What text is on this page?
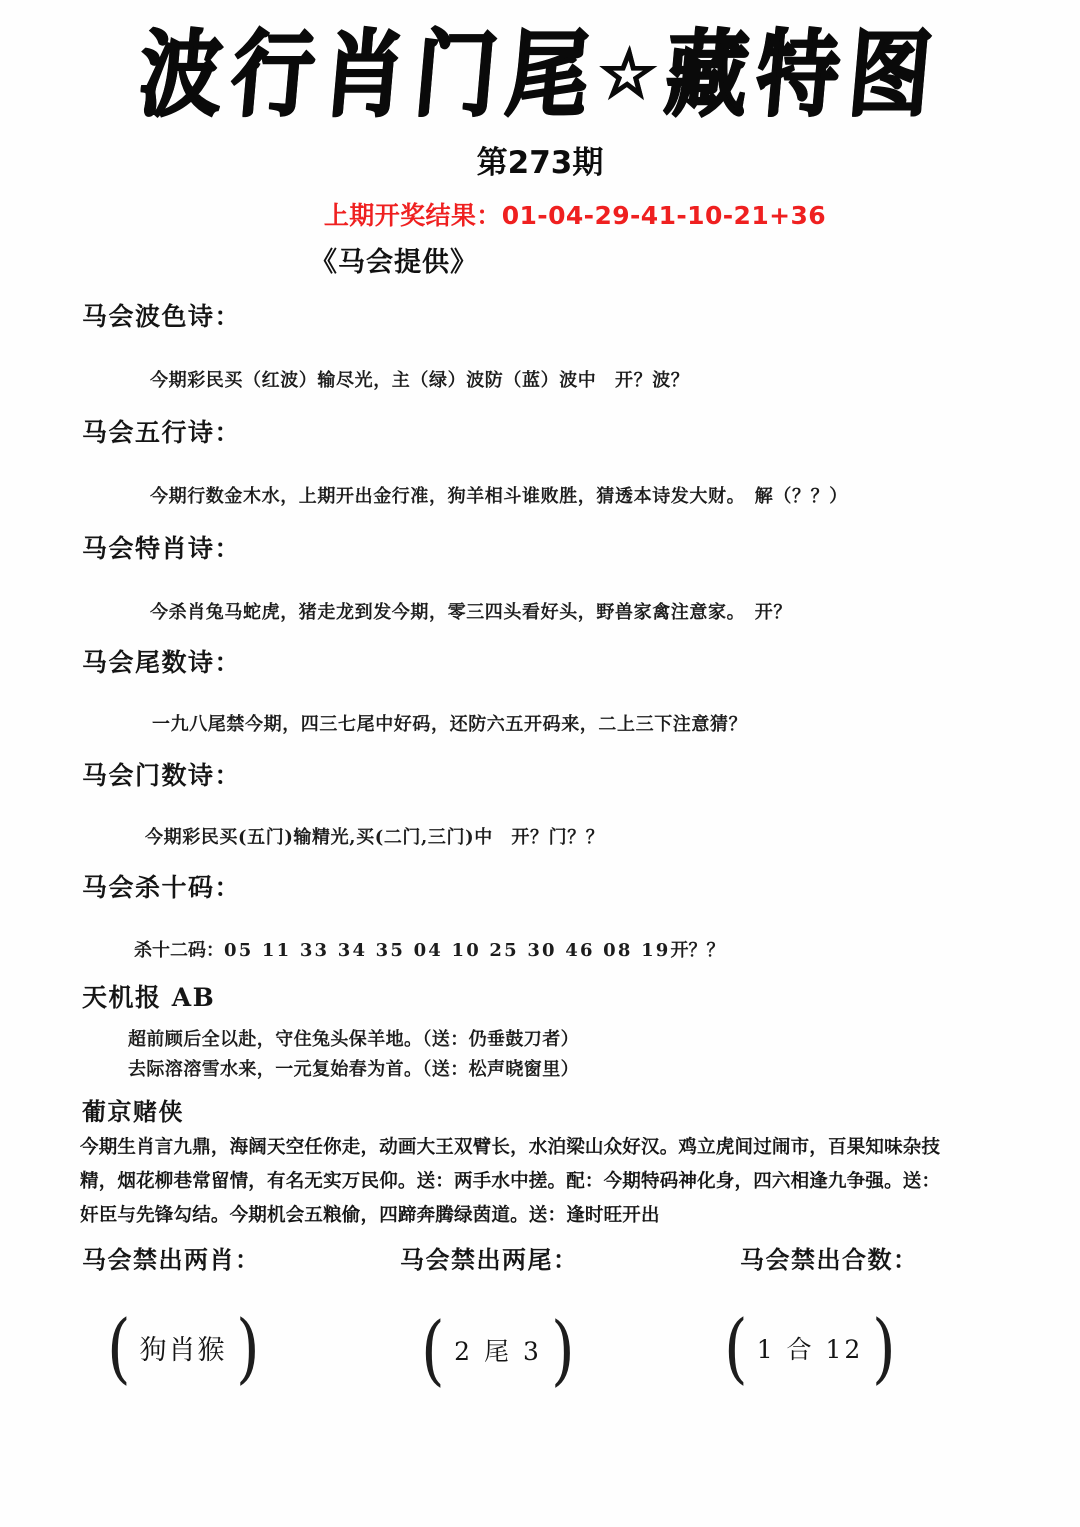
波 行 肖 门 尾 ☆ 藏 特 图
第273期
上期开奖结果：01-04-29-41-10-21+36
《马会提供》
马会波色诗：
今期彩民买（红波）输尽光，主（绿）波防（蓝）波中　开？波？
马会五行诗：
今期行数金木水，上期开出金行准，狗羊相斗谁败胜，猜透本诗发大财。　解（？？）
马会特肖诗：
今杀肖兔马蛇虎，猪走龙到发今期，零三四头看好头，野兽家禽注意家。　开？
马会尾数诗：
一九八尾禁今期，四三七尾中好码，还防六五开码来，二上三下注意猜？
马会门数诗：
今期彩民买(五门)输精光,买(二门,三门)中　开？门？？
马会杀十码：
杀十二码：05 11 33 34 35 04 10 25 30 46 08 19开？？
天机报 AB
超前顾后全以赴，守住兔头保羊地。（送：仍垂鼓刀者）
去际溶溶雪水来，一元复始春为首。（送：松声晓窗里）
葡京赌侠
今期生肖言九鼎，海阔天空任你走，动画大王双臂长，水泊梁山众好汉。鸡立虎间过闹市，百果知味杂技
精，烟花柳巷常留情，有名无实万民仰。送：两手水中搓。配：今期特码神化身，四六相逢九争强。送：
奸臣与先锋勾结。今期机会五粮偷，四蹄奔腾绿茵道。送：逢时旺开出
马会禁出两肖：	马会禁出两尾：	马会禁出合数：
( 狗肖猴 ) ( 2 尾 3 ) ( 1 合 12 )
